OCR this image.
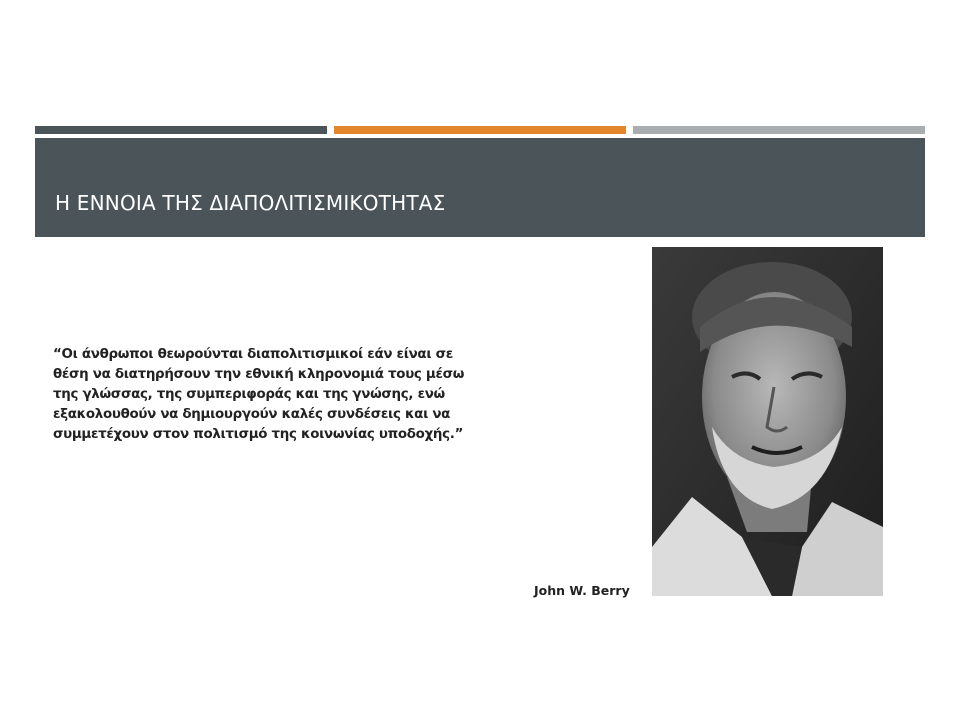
Η ΕΝΝΟΙΑ ΤΗΣ ΔΙΑΠΟΛΙΤΙΣΜΙΚΟΤΗΤΑΣ
“Οι άνθρωποι θεωρούνται διαπολιτισμικοί εάν είναι σε θέση να διατηρήσουν την εθνική κληρονομιά τους μέσω της γλώσσας, της συμπεριφοράς και της γνώσης, ενώ εξακολουθούν να δημιουργούν καλές συνδέσεις και να συμμετέχουν στον πολιτισμό της κοινωνίας υποδοχής.”
John W. Berry
